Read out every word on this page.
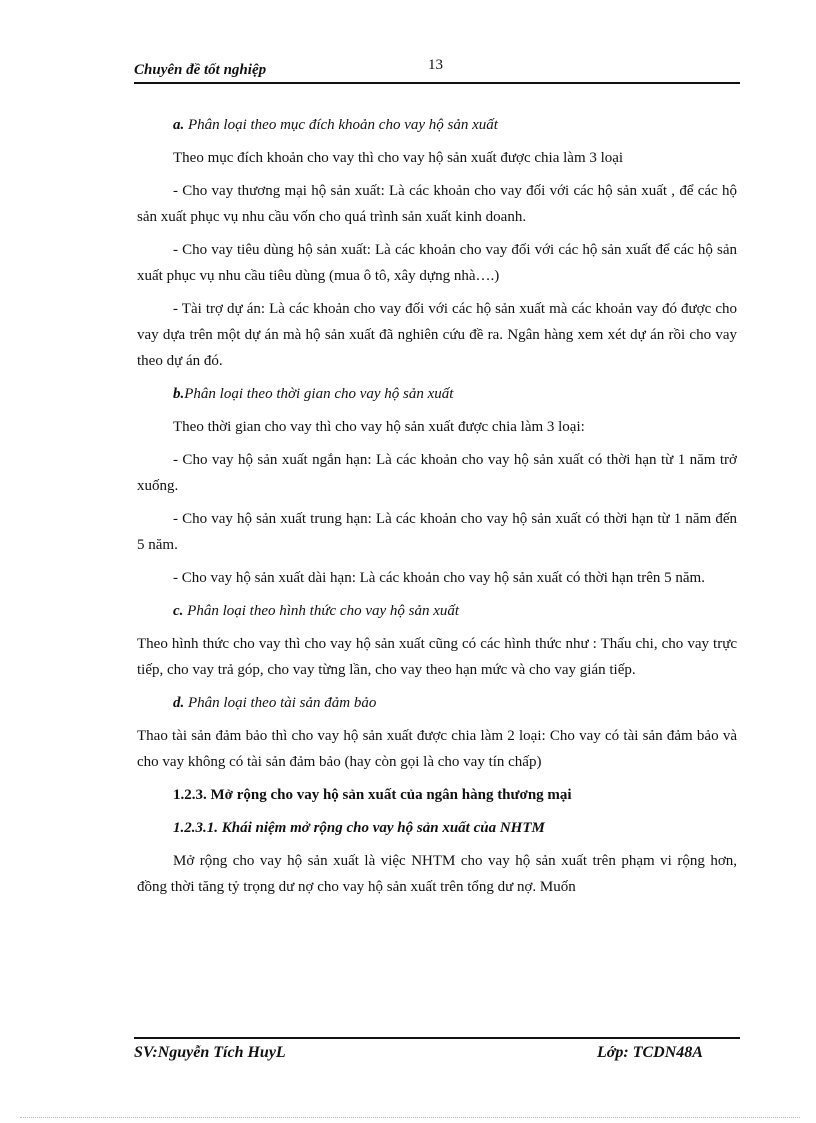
Chuyên đề tốt nghiệp	13

a. Phân loại theo mục đích khoản cho vay hộ sản xuất

Theo mục đích khoản cho vay thì cho vay hộ sản xuất được chia làm 3 loại

- Cho vay thương mại hộ sản xuất: Là các khoản cho vay đối với các hộ sản xuất , để các hộ sản xuất phục vụ nhu cầu vốn cho quá trình sản xuất kinh doanh.

- Cho vay tiêu dùng hộ sản xuất: Là các khoản cho vay đối với các hộ sản xuất để các hộ sản xuất phục vụ nhu cầu tiêu dùng (mua ô tô, xây dựng nhà….)

- Tài trợ dự án: Là các khoản cho vay đối với các hộ sản xuất mà các khoản vay đó được cho vay dựa trên một dự án mà hộ sản xuất đã nghiên cứu đề ra. Ngân hàng xem xét dự án rồi cho vay theo dự án đó.

b.Phân loại theo thời gian cho vay hộ sản xuất

Theo thời gian cho vay thì cho vay hộ sản xuất được chia làm 3 loại:

- Cho vay hộ sản xuất ngắn hạn: Là các khoản cho vay hộ sản xuất có thời hạn từ 1 năm trở xuống.

- Cho vay hộ sản xuất trung hạn: Là các khoản cho vay hộ sản xuất có thời hạn từ 1 năm đến 5 năm.

- Cho vay hộ sản xuất dài hạn: Là các khoản cho vay hộ sản xuất có thời hạn trên 5 năm.

c. Phân loại theo hình thức cho vay hộ sản xuất

Theo hình thức cho vay thì cho vay hộ sản xuất cũng có các hình thức như : Thấu chi, cho vay trực tiếp, cho vay trả góp, cho vay từng lần, cho vay theo hạn mức và cho vay gián tiếp.

d. Phân loại theo tài sản đảm bảo

Thao tài sản đảm bảo thì cho vay hộ sản xuất được chia làm 2 loại: Cho vay có tài sản đảm bảo và cho vay không có tài sản đảm bảo (hay còn gọi là cho vay tín chấp)

1.2.3. Mở rộng cho vay hộ sản xuất của ngân hàng thương mại

1.2.3.1. Khái niệm mở rộng cho vay hộ sản xuất của NHTM

Mở rộng cho vay hộ sản xuất là việc NHTM cho vay hộ sản xuất trên phạm vi rộng hơn, đồng thời tăng tỷ trọng dư nợ cho vay hộ sản xuất trên tổng dư nợ. Muốn

SV:Nguyễn Tích HuyL	Lớp: TCDN48A
